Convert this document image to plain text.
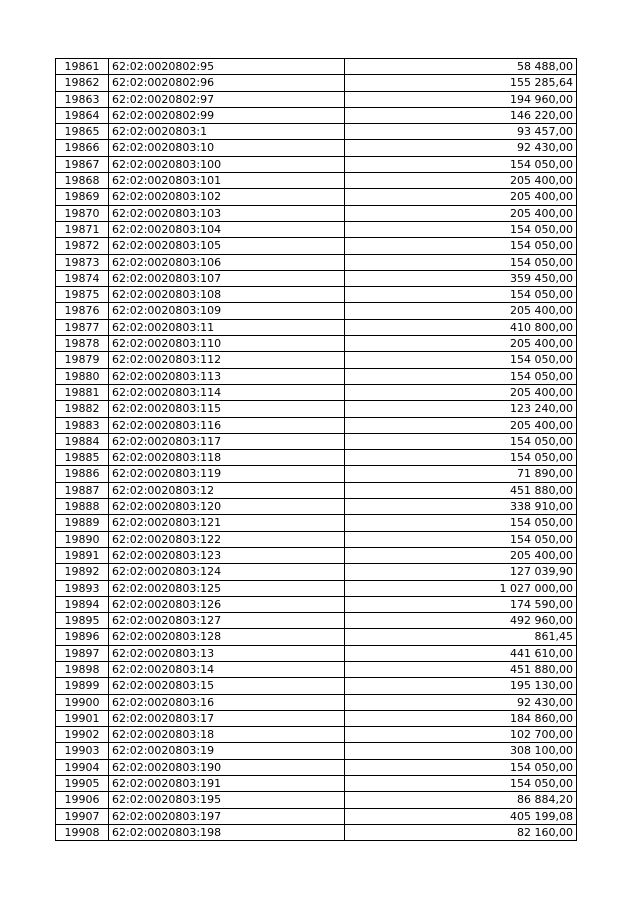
19861	62:02:0020802:95	58 488,00
19862	62:02:0020802:96	155 285,64
19863	62:02:0020802:97	194 960,00
19864	62:02:0020802:99	146 220,00
19865	62:02:0020803:1	93 457,00
19866	62:02:0020803:10	92 430,00
19867	62:02:0020803:100	154 050,00
19868	62:02:0020803:101	205 400,00
19869	62:02:0020803:102	205 400,00
19870	62:02:0020803:103	205 400,00
19871	62:02:0020803:104	154 050,00
19872	62:02:0020803:105	154 050,00
19873	62:02:0020803:106	154 050,00
19874	62:02:0020803:107	359 450,00
19875	62:02:0020803:108	154 050,00
19876	62:02:0020803:109	205 400,00
19877	62:02:0020803:11	410 800,00
19878	62:02:0020803:110	205 400,00
19879	62:02:0020803:112	154 050,00
19880	62:02:0020803:113	154 050,00
19881	62:02:0020803:114	205 400,00
19882	62:02:0020803:115	123 240,00
19883	62:02:0020803:116	205 400,00
19884	62:02:0020803:117	154 050,00
19885	62:02:0020803:118	154 050,00
19886	62:02:0020803:119	71 890,00
19887	62:02:0020803:12	451 880,00
19888	62:02:0020803:120	338 910,00
19889	62:02:0020803:121	154 050,00
19890	62:02:0020803:122	154 050,00
19891	62:02:0020803:123	205 400,00
19892	62:02:0020803:124	127 039,90
19893	62:02:0020803:125	1 027 000,00
19894	62:02:0020803:126	174 590,00
19895	62:02:0020803:127	492 960,00
19896	62:02:0020803:128	861,45
19897	62:02:0020803:13	441 610,00
19898	62:02:0020803:14	451 880,00
19899	62:02:0020803:15	195 130,00
19900	62:02:0020803:16	92 430,00
19901	62:02:0020803:17	184 860,00
19902	62:02:0020803:18	102 700,00
19903	62:02:0020803:19	308 100,00
19904	62:02:0020803:190	154 050,00
19905	62:02:0020803:191	154 050,00
19906	62:02:0020803:195	86 884,20
19907	62:02:0020803:197	405 199,08
19908	62:02:0020803:198	82 160,00
